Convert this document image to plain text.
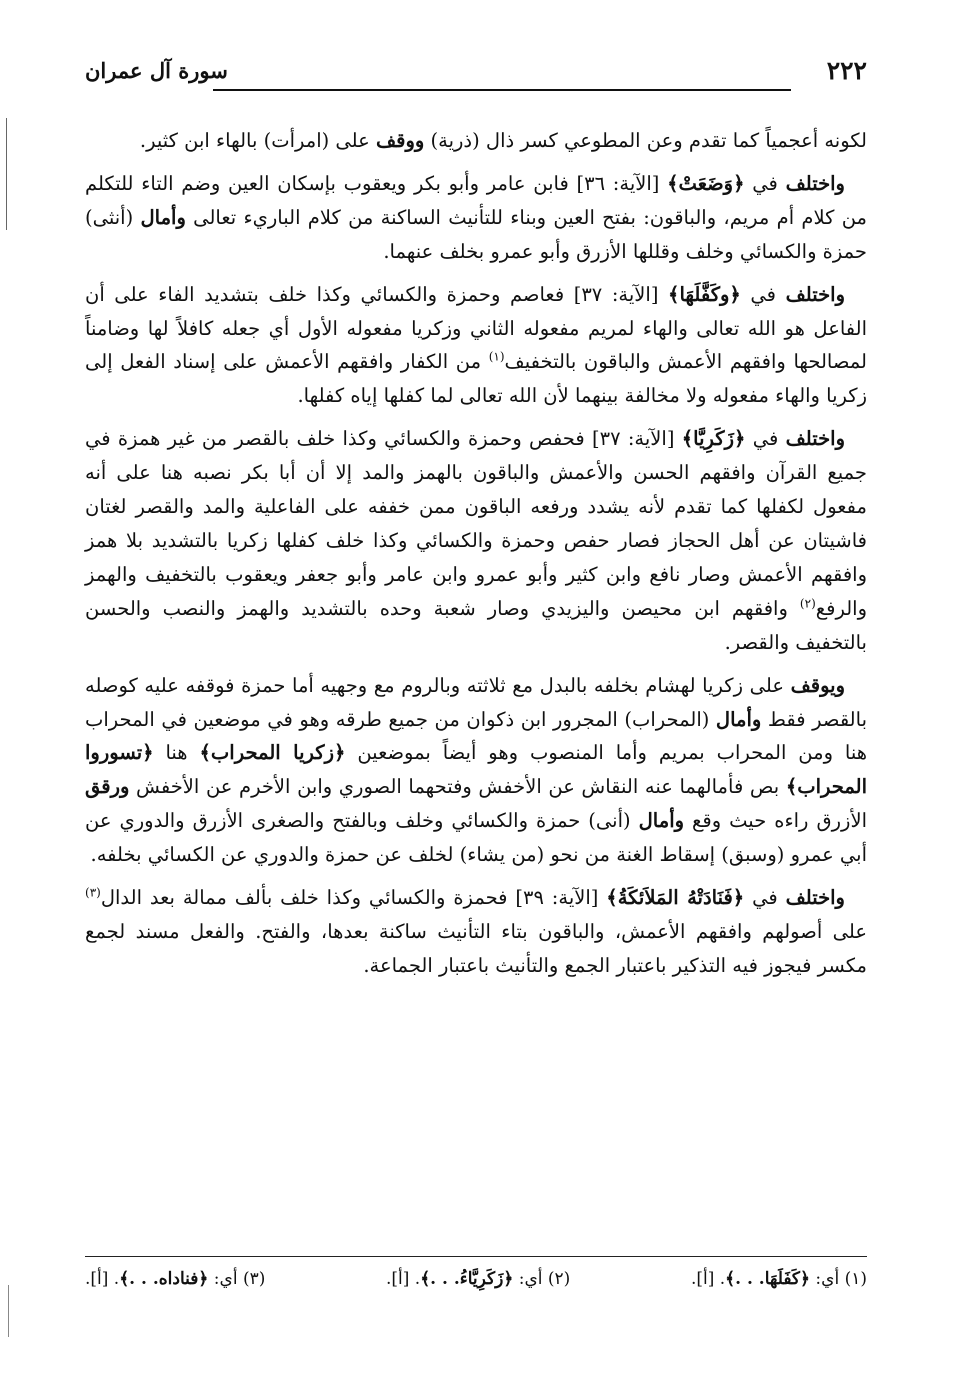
٢٢٢
سورة آل عمران

لكونه أعجمياً كما تقدم وعن المطوعي كسر ذال (ذرية) ووقف على (امرأت) بالهاء ابن كثير.

واختلف في ﴿وَضَعَتْ﴾ [الآية: ٣٦] فابن عامر وأبو بكر ويعقوب بإسكان العين وضم التاء للتكلم من كلام أم مريم، والباقون: بفتح العين وبناء للتأنيث الساكنة من كلام الباريء تعالى وأمال (أنثى) حمزة والكسائي وخلف وقللها الأزرق وأبو عمرو بخلف عنهما.

واختلف في ﴿وكَفَّلَهَا﴾ [الآية: ٣٧] فعاصم وحمزة والكسائي وكذا خلف بتشديد الفاء على أن الفاعل هو الله تعالى والهاء لمريم مفعوله الثاني وزكريا مفعوله الأول أي جعله كافلاً لها وضامناً لمصالحها وافقهم الأعمش والباقون بالتخفيف$^{(١)}$ من الكفار وافقهم الأعمش على إسناد الفعل إلى زكريا والهاء مفعوله ولا مخالفة بينهما لأن الله تعالى لما كفلها إياه كفلها.

واختلف في ﴿زَكَرِيَّا﴾ [الآية: ٣٧] فحفص وحمزة والكسائي وكذا خلف بالقصر من غير همزة في جميع القرآن وافقهم الحسن والأعمش والباقون بالهمز والمد إلا أن أبا بكر نصبه هنا على أنه مفعول لكفلها كما تقدم لأنه يشدد ورفعه الباقون ممن خففه على الفاعلية والمد والقصر لغتان فاشيتان عن أهل الحجاز فصار حفص وحمزة والكسائي وكذا خلف كفلها زكريا بالتشديد بلا همز وافقهم الأعمش وصار نافع وابن كثير وأبو عمرو وابن عامر وأبو جعفر ويعقوب بالتخفيف والهمز والرفع$^{(٢)}$ وافقهم ابن محيصن واليزيدي وصار شعبة وحده بالتشديد والهمز والنصب والحسن بالتخفيف والقصر.

ويوقف على زكريا لهشام بخلفه بالبدل مع ثلاثته وبالروم مع وجهيه أما حمزة فوقفه عليه كوصله بالقصر فقط وأمال (المحراب) المجرور ابن ذكوان من جميع طرقه وهو في موضعين في المحراب هنا ومن المحراب بمريم وأما المنصوب وهو أيضاً بموضعين ﴿زكريا المحراب﴾ هنا ﴿تسوروا المحراب﴾ بص فأمالهما عنه النقاش عن الأخفش وفتحهما الصوري وابن الأخرم عن الأخفش ورقق الأزرق راءه حيث وقع وأمال (أنى) حمزة والكسائي وخلف وبالفتح والصغرى الأزرق والدوري عن أبي عمرو (وسبق) إسقاط الغنة من نحو (من يشاء) لخلف عن حمزة والدوري عن الكسائي بخلفه.

واختلف في ﴿فَنَادَتْهُ المَلاَئكَةُ﴾ [الآية: ٣٩] فحمزة والكسائي وكذا خلف بألف ممالة بعد الدال$^{(٣)}$ على أصولهم وافقهم الأعمش، والباقون بتاء التأنيث ساكنة بعدها، والفتح. والفعل مسند لجمع مكسر فيجوز فيه التذكير باعتبار الجمع والتأنيث باعتبار الجماعة.

(١) أي: ﴿كَفَلَهَا. . .﴾. [أ].
(٢) أي: ﴿زَكَرِيَّاءُ. . .﴾. [أ].
(٣) أي: ﴿فناداه. . .﴾. [أ].
